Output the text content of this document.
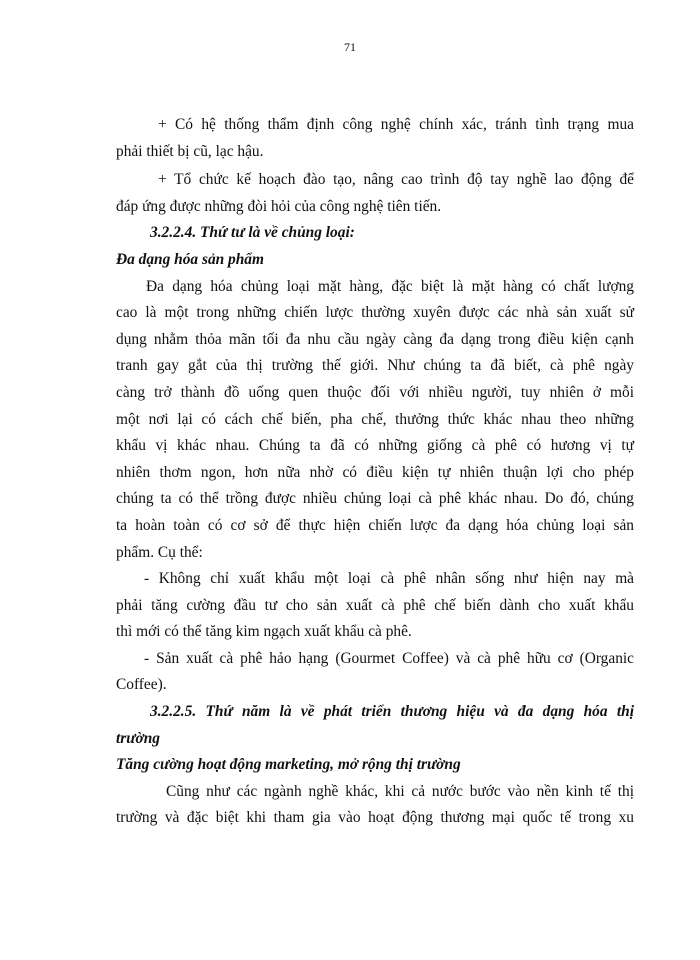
71
+ Có hệ thống thẩm định công nghệ chính xác, tránh tình trạng mua
phải thiết bị cũ, lạc hậu.
+ Tổ chức kế hoạch đào tạo, nâng cao trình độ tay nghề lao động để
đáp ứng được những đòi hỏi của công nghệ tiên tiến.
3.2.2.4. Thứ tư là về chủng loại:
Đa dạng hóa sản phẩm
Đa dạng hóa chủng loại mặt hàng, đặc biệt là mặt hàng có chất lượng
cao là một trong những chiến lược thường xuyên được các nhà sản xuất sử
dụng nhằm thỏa mãn tối đa nhu cầu ngày càng đa dạng trong điều kiện cạnh
tranh gay gắt của thị trường thế giới. Như chúng ta đã biết, cà phê ngày
càng trở thành đồ uống quen thuộc đối với nhiều người, tuy nhiên ở mỗi
một nơi lại có cách chế biến, pha chế, thưởng thức khác nhau theo những
khẩu vị khác nhau. Chúng ta đã có những giống cà phê có hương vị tự
nhiên thơm ngon, hơn nữa nhờ có điều kiện tự nhiên thuận lợi cho phép
chúng ta có thể trồng được nhiều chủng loại cà phê khác nhau. Do đó, chúng
ta hoàn toàn có cơ sở để thực hiện chiến lược đa dạng hóa chủng loại sản
phẩm. Cụ thể:
- Không chỉ xuất khẩu một loại cà phê nhân sống như hiện nay mà
phải tăng cường đầu tư cho sản xuất cà phê chế biến dành cho xuất khẩu
thì mới có thể tăng kim ngạch xuất khẩu cà phê.
- Sản xuất cà phê hảo hạng (Gourmet Coffee) và cà phê hữu cơ (Organic
Coffee).
3.2.2.5. Thứ năm là về phát triển thương hiệu và đa dạng hóa thị
trường
Tăng cường hoạt động marketing, mở rộng thị trường
Cũng như các ngành nghề khác, khi cả nước bước vào nền kinh tế thị
trường và đặc biệt khi tham gia vào hoạt động thương mại quốc tế trong xu
